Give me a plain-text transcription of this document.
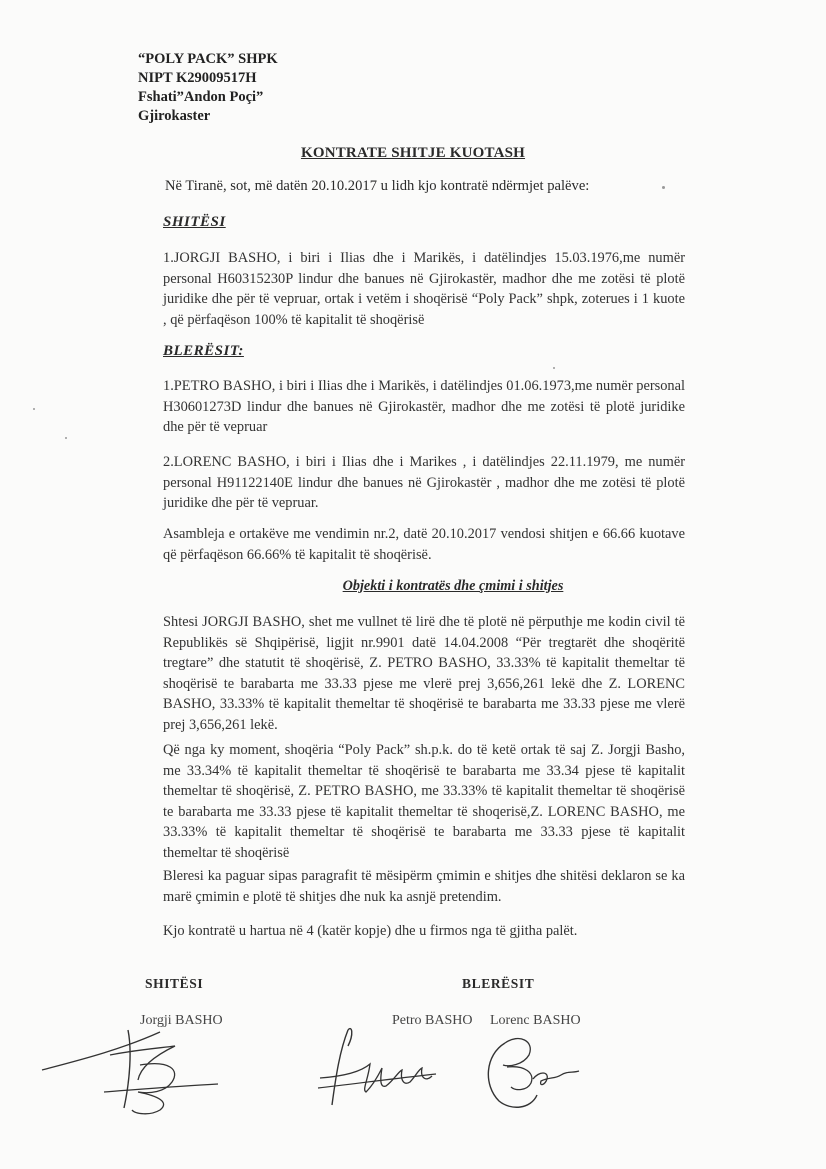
“POLY PACK” SHPK
NIPT K29009517H
Fshati”Andon Poçi”
Gjirokaster
KONTRATE SHITJE KUOTASH
Në Tiranë, sot, më datën 20.10.2017 u lidh kjo kontratë ndërmjet palëve:
SHITËSI
1.JORGJI BASHO, i biri i Ilias dhe i Marikës, i datëlindjes 15.03.1976,me numër personal H60315230P lindur dhe banues në Gjirokastër, madhor dhe me zotësi të plotë juridike dhe për të vepruar, ortak i vetëm i shoqërisë “Poly Pack” shpk, zoterues i 1 kuote , që përfaqëson 100% të kapitalit të shoqërisë
BLERËSIT:
1.PETRO BASHO, i biri i Ilias dhe i Marikës, i datëlindjes 01.06.1973,me numër personal H30601273D lindur dhe banues në Gjirokastër, madhor dhe me zotësi të plotë juridike dhe për të vepruar
2.LORENC BASHO, i biri i Ilias dhe i Marikes , i datëlindjes 22.11.1979, me numër personal H91122140E lindur dhe banues në Gjirokastër , madhor dhe me zotësi të plotë juridike dhe për të vepruar.
Asambleja e ortakëve me vendimin nr.2, datë 20.10.2017 vendosi shitjen e 66.66 kuotave që përfaqëson 66.66% të kapitalit të shoqërisë.
Objekti i kontratës dhe çmimi i shitjes
Shtesi JORGJI BASHO, shet me vullnet të lirë dhe të plotë në përputhje me kodin civil të Republikës së Shqipërisë, ligjit nr.9901 datë 14.04.2008 “Për tregtarët dhe shoqëritë tregtare” dhe statutit të shoqërisë, Z. PETRO BASHO, 33.33% të kapitalit themeltar të shoqërisë te barabarta me 33.33 pjese me vlerë prej 3,656,261 lekë dhe Z. LORENC BASHO, 33.33% të kapitalit themeltar të shoqërisë te barabarta me 33.33 pjese me vlerë prej 3,656,261 lekë.
Që nga ky moment, shoqëria “Poly Pack” sh.p.k. do të ketë ortak të saj Z. Jorgji Basho, me 33.34% të kapitalit themeltar të shoqërisë te barabarta me 33.34 pjese të kapitalit themeltar të shoqërisë, Z. PETRO BASHO, me 33.33% të kapitalit themeltar të shoqërisë te barabarta me 33.33 pjese të kapitalit themeltar të shoqerisë,Z. LORENC BASHO, me 33.33% të kapitalit themeltar të shoqërisë te barabarta me 33.33 pjese të kapitalit themeltar të shoqërisë
Bleresi ka paguar sipas paragrafit të mësipërm çmimin e shitjes dhe shitësi deklaron se ka marë çmimin e plotë të shitjes dhe nuk ka asnjë pretendim.
Kjo kontratë u hartua në 4 (katër kopje) dhe u firmos nga të gjitha palët.
SHITËSI	BLERËSIT
Jorgji BASHO	Petro BASHO Lorenc BASHO
